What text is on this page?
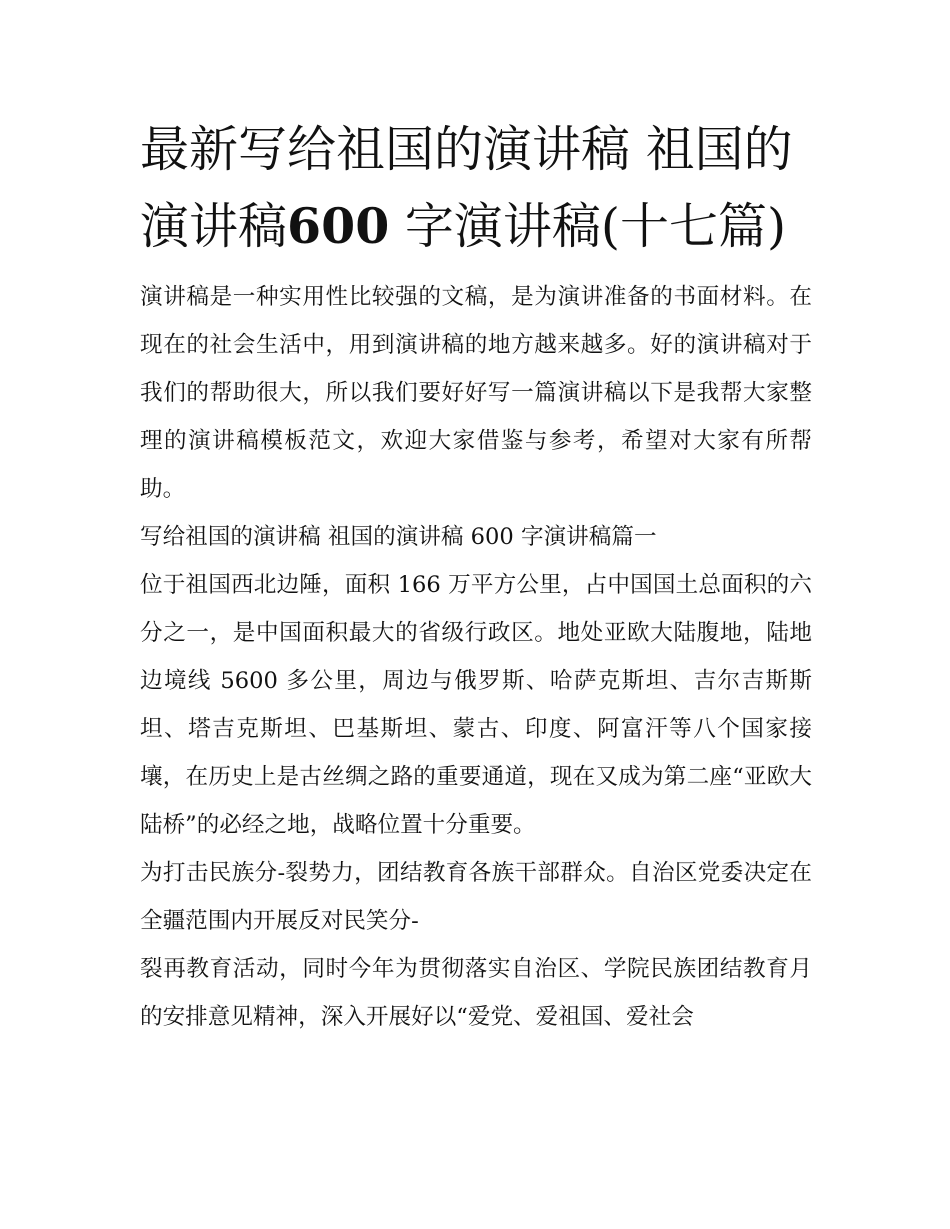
最新写给祖国的演讲稿 祖国的演讲稿600 字演讲稿(十七篇)

演讲稿是一种实用性比较强的文稿，是为演讲准备的书面材料。在现在的社会生活中，用到演讲稿的地方越来越多。好的演讲稿对于我们的帮助很大，所以我们要好好写一篇演讲稿以下是我帮大家整理的演讲稿模板范文，欢迎大家借鉴与参考，希望对大家有所帮助。

写给祖国的演讲稿 祖国的演讲稿 600 字演讲稿篇一

位于祖国西北边陲，面积 166 万平方公里，占中国国土总面积的六分之一，是中国面积最大的省级行政区。地处亚欧大陆腹地，陆地边境线 5600 多公里，周边与俄罗斯、哈萨克斯坦、吉尔吉斯斯坦、塔吉克斯坦、巴基斯坦、蒙古、印度、阿富汗等八个国家接壤，在历史上是古丝绸之路的重要通道，现在又成为第二座“亚欧大陆桥”的必经之地，战略位置十分重要。

为打击民族分-裂势力，团结教育各族干部群众。自治区党委决定在全疆范围内开展反对民笑分-

裂再教育活动，同时今年为贯彻落实自治区、学院民族团结教育月的安排意见精神，深入开展好以“爱党、爱祖国、爱社会
